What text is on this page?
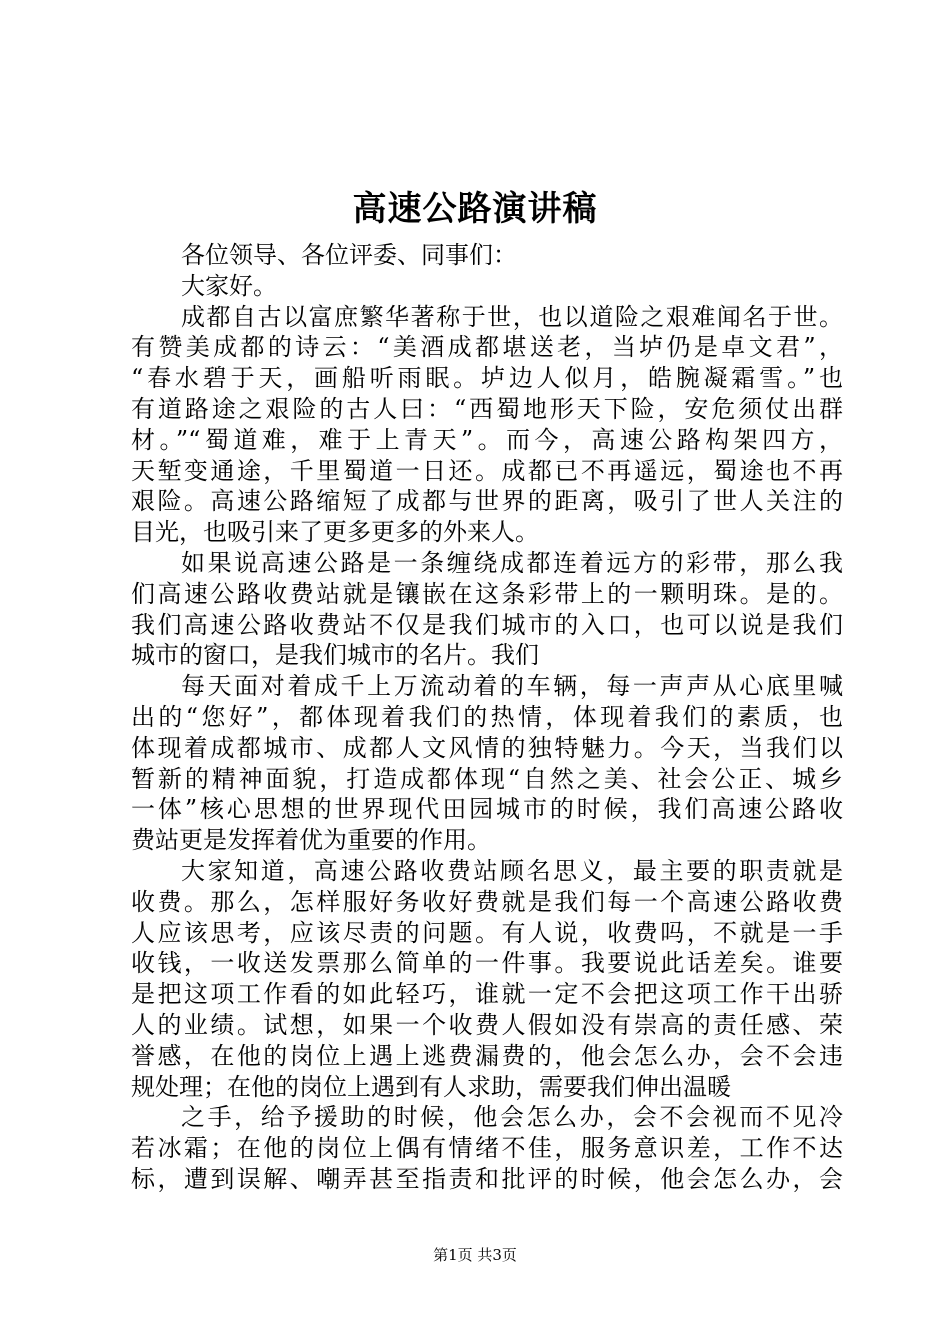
高速公路演讲稿
各位领导、各位评委、同事们：
大家好。
成都自古以富庶繁华著称于世，也以道险之艰难闻名于世。
有赞美成都的诗云：“美酒成都堪送老，当垆仍是卓文君”，
“春水碧于天，画船听雨眠。垆边人似月，皓腕凝霜雪。”也
有道路途之艰险的古人曰：“西蜀地形天下险，安危须仗出群
材。”“蜀道难，难于上青天”。而今，高速公路构架四方，
天堑变通途，千里蜀道一日还。成都已不再遥远，蜀途也不再
艰险。高速公路缩短了成都与世界的距离，吸引了世人关注的
目光，也吸引来了更多更多的外来人。
如果说高速公路是一条缠绕成都连着远方的彩带，那么我
们高速公路收费站就是镶嵌在这条彩带上的一颗明珠。是的。
我们高速公路收费站不仅是我们城市的入口，也可以说是我们
城市的窗口，是我们城市的名片。我们
每天面对着成千上万流动着的车辆，每一声声从心底里喊
出的“您好”，都体现着我们的热情，体现着我们的素质，也
体现着成都城市、成都人文风情的独特魅力。今天，当我们以
暂新的精神面貌，打造成都体现“自然之美、社会公正、城乡
一体”核心思想的世界现代田园城市的时候，我们高速公路收
费站更是发挥着优为重要的作用。
大家知道，高速公路收费站顾名思义，最主要的职责就是
收费。那么，怎样服好务收好费就是我们每一个高速公路收费
人应该思考，应该尽责的问题。有人说，收费吗，不就是一手
收钱，一收送发票那么简单的一件事。我要说此话差矣。谁要
是把这项工作看的如此轻巧，谁就一定不会把这项工作干出骄
人的业绩。试想，如果一个收费人假如没有崇高的责任感、荣
誉感，在他的岗位上遇上逃费漏费的，他会怎么办，会不会违
规处理；在他的岗位上遇到有人求助，需要我们伸出温暖
之手，给予援助的时候，他会怎么办，会不会视而不见冷
若冰霜；在他的岗位上偶有情绪不佳，服务意识差，工作不达
标，遭到误解、嘲弄甚至指责和批评的时候，他会怎么办，会
第1页 共3页
